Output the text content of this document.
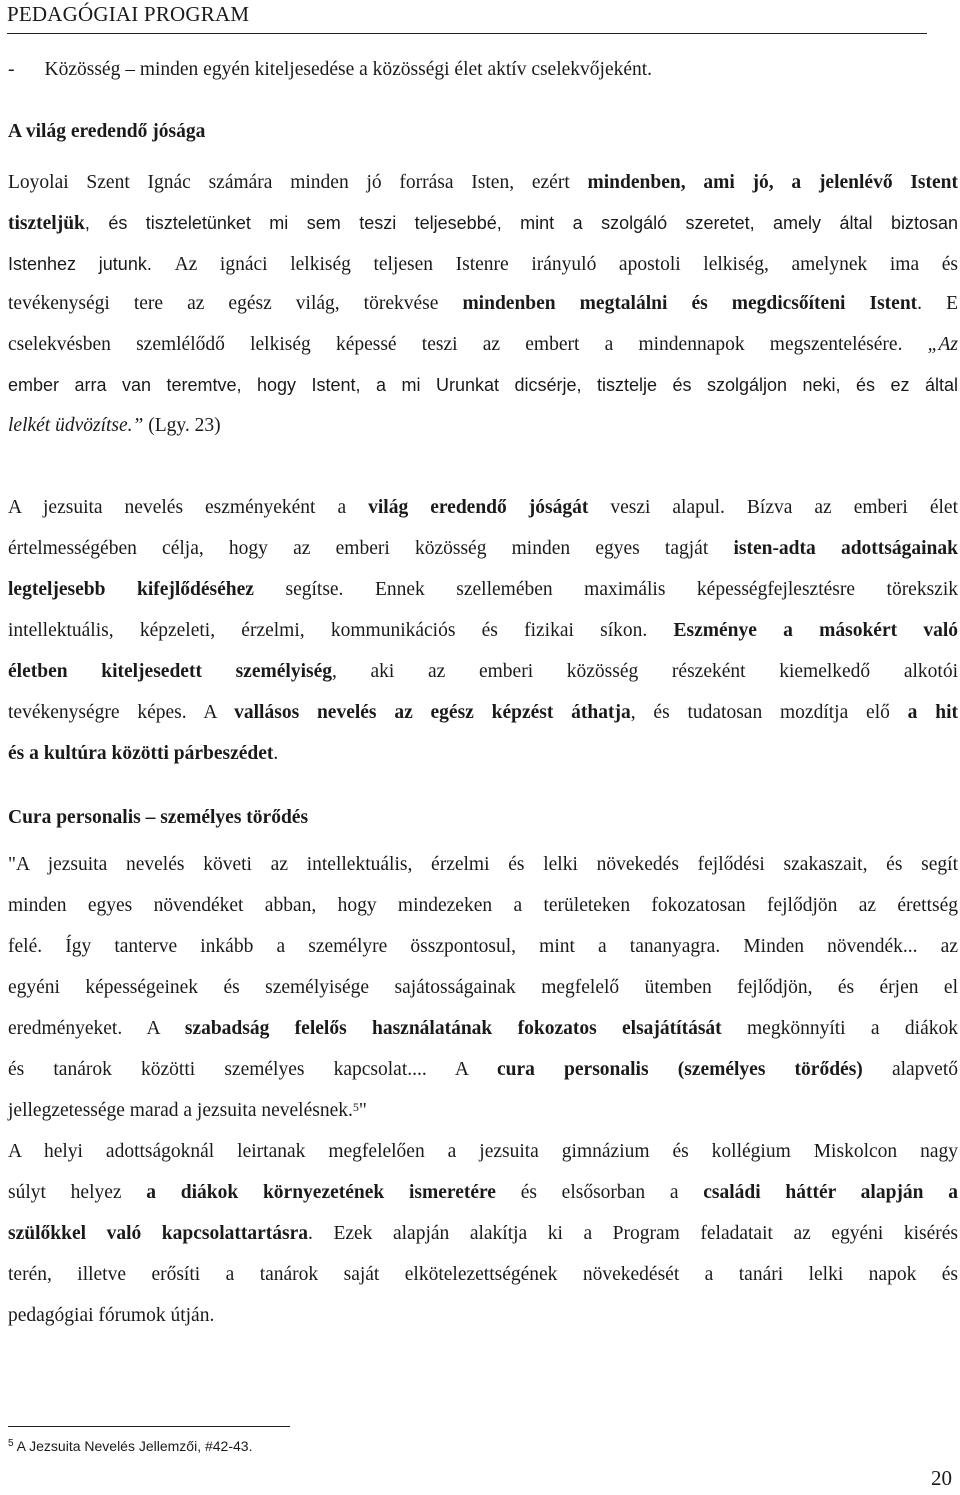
PEDAGÓGIAI PROGRAM
- Közösség – minden egyén kiteljesedése a közösségi élet aktív cselekvőjeként.
A világ eredendő jósága
Loyolai Szent Ignác számára minden jó forrása Isten, ezért mindenben, ami jó, a jelenlévő Istent
tiszteljük, és tiszteletünket mi sem teszi teljesebbé, mint a szolgáló szeretet, amely által biztosan
Istenhez jutunk. Az ignáci lelkiség teljesen Istenre irányuló apostoli lelkiség, amelynek ima és
tevékenységi tere az egész világ, törekvése mindenben megtalálni és megdicsőíteni Istent. E
cselekvésben szemlélődő lelkiség képessé teszi az embert a mindennapok megszentelésére. „Az
ember arra van teremtve, hogy Istent, a mi Urunkat dicsérje, tisztelje és szolgáljon neki, és ez által
lelkét üdvözítse.” (Lgy. 23)
A jezsuita nevelés eszményeként a világ eredendő jóságát veszi alapul. Bízva az emberi élet
értelmességében célja, hogy az emberi közösség minden egyes tagját isten-adta adottságainak
legteljesebb kifejlődéséhez segítse. Ennek szellemében maximális képességfejlesztésre törekszik
intellektuális, képzeleti, érzelmi, kommunikációs és fizikai síkon. Eszménye a másokért való
életben kiteljesedett személyiség, aki az emberi közösség részeként kiemelkedő alkotói
tevékenységre képes. A vallásos nevelés az egész képzést áthatja, és tudatosan mozdítja elő a hit
és a kultúra közötti párbeszédet.
Cura personalis – személyes törődés
"A jezsuita nevelés követi az intellektuális, érzelmi és lelki növekedés fejlődési szakaszait, és segít
minden egyes növendéket abban, hogy mindezeken a területeken fokozatosan fejlődjön az érettség
felé. Így tanterve inkább a személyre összpontosul, mint a tananyagra. Minden növendék... az
egyéni képességeinek és személyisége sajátosságainak megfelelő ütemben fejlődjön, és érjen el
eredményeket. A szabadság felelős használatának fokozatos elsajátítását megkönnyíti a diákok
és tanárok közötti személyes kapcsolat.... A cura personalis (személyes törődés) alapvető
jellegzetessége marad a jezsuita nevelésnek.$^5$"
A helyi adottságoknál leirtanak megfelelően a jezsuita gimnázium és kollégium Miskolcon nagy
súlyt helyez a diákok környezetének ismeretére és elsősorban a családi háttér alapján a
szülőkkel való kapcsolattartásra. Ezek alapján alakítja ki a Program feladatait az egyéni kisérés
terén, illetve erősíti a tanárok saját elkötelezettségének növekedését a tanári lelki napok és
pedagógiai fórumok útján.
$^5$ A Jezsuita Nevelés Jellemzői, #42-43.
20
